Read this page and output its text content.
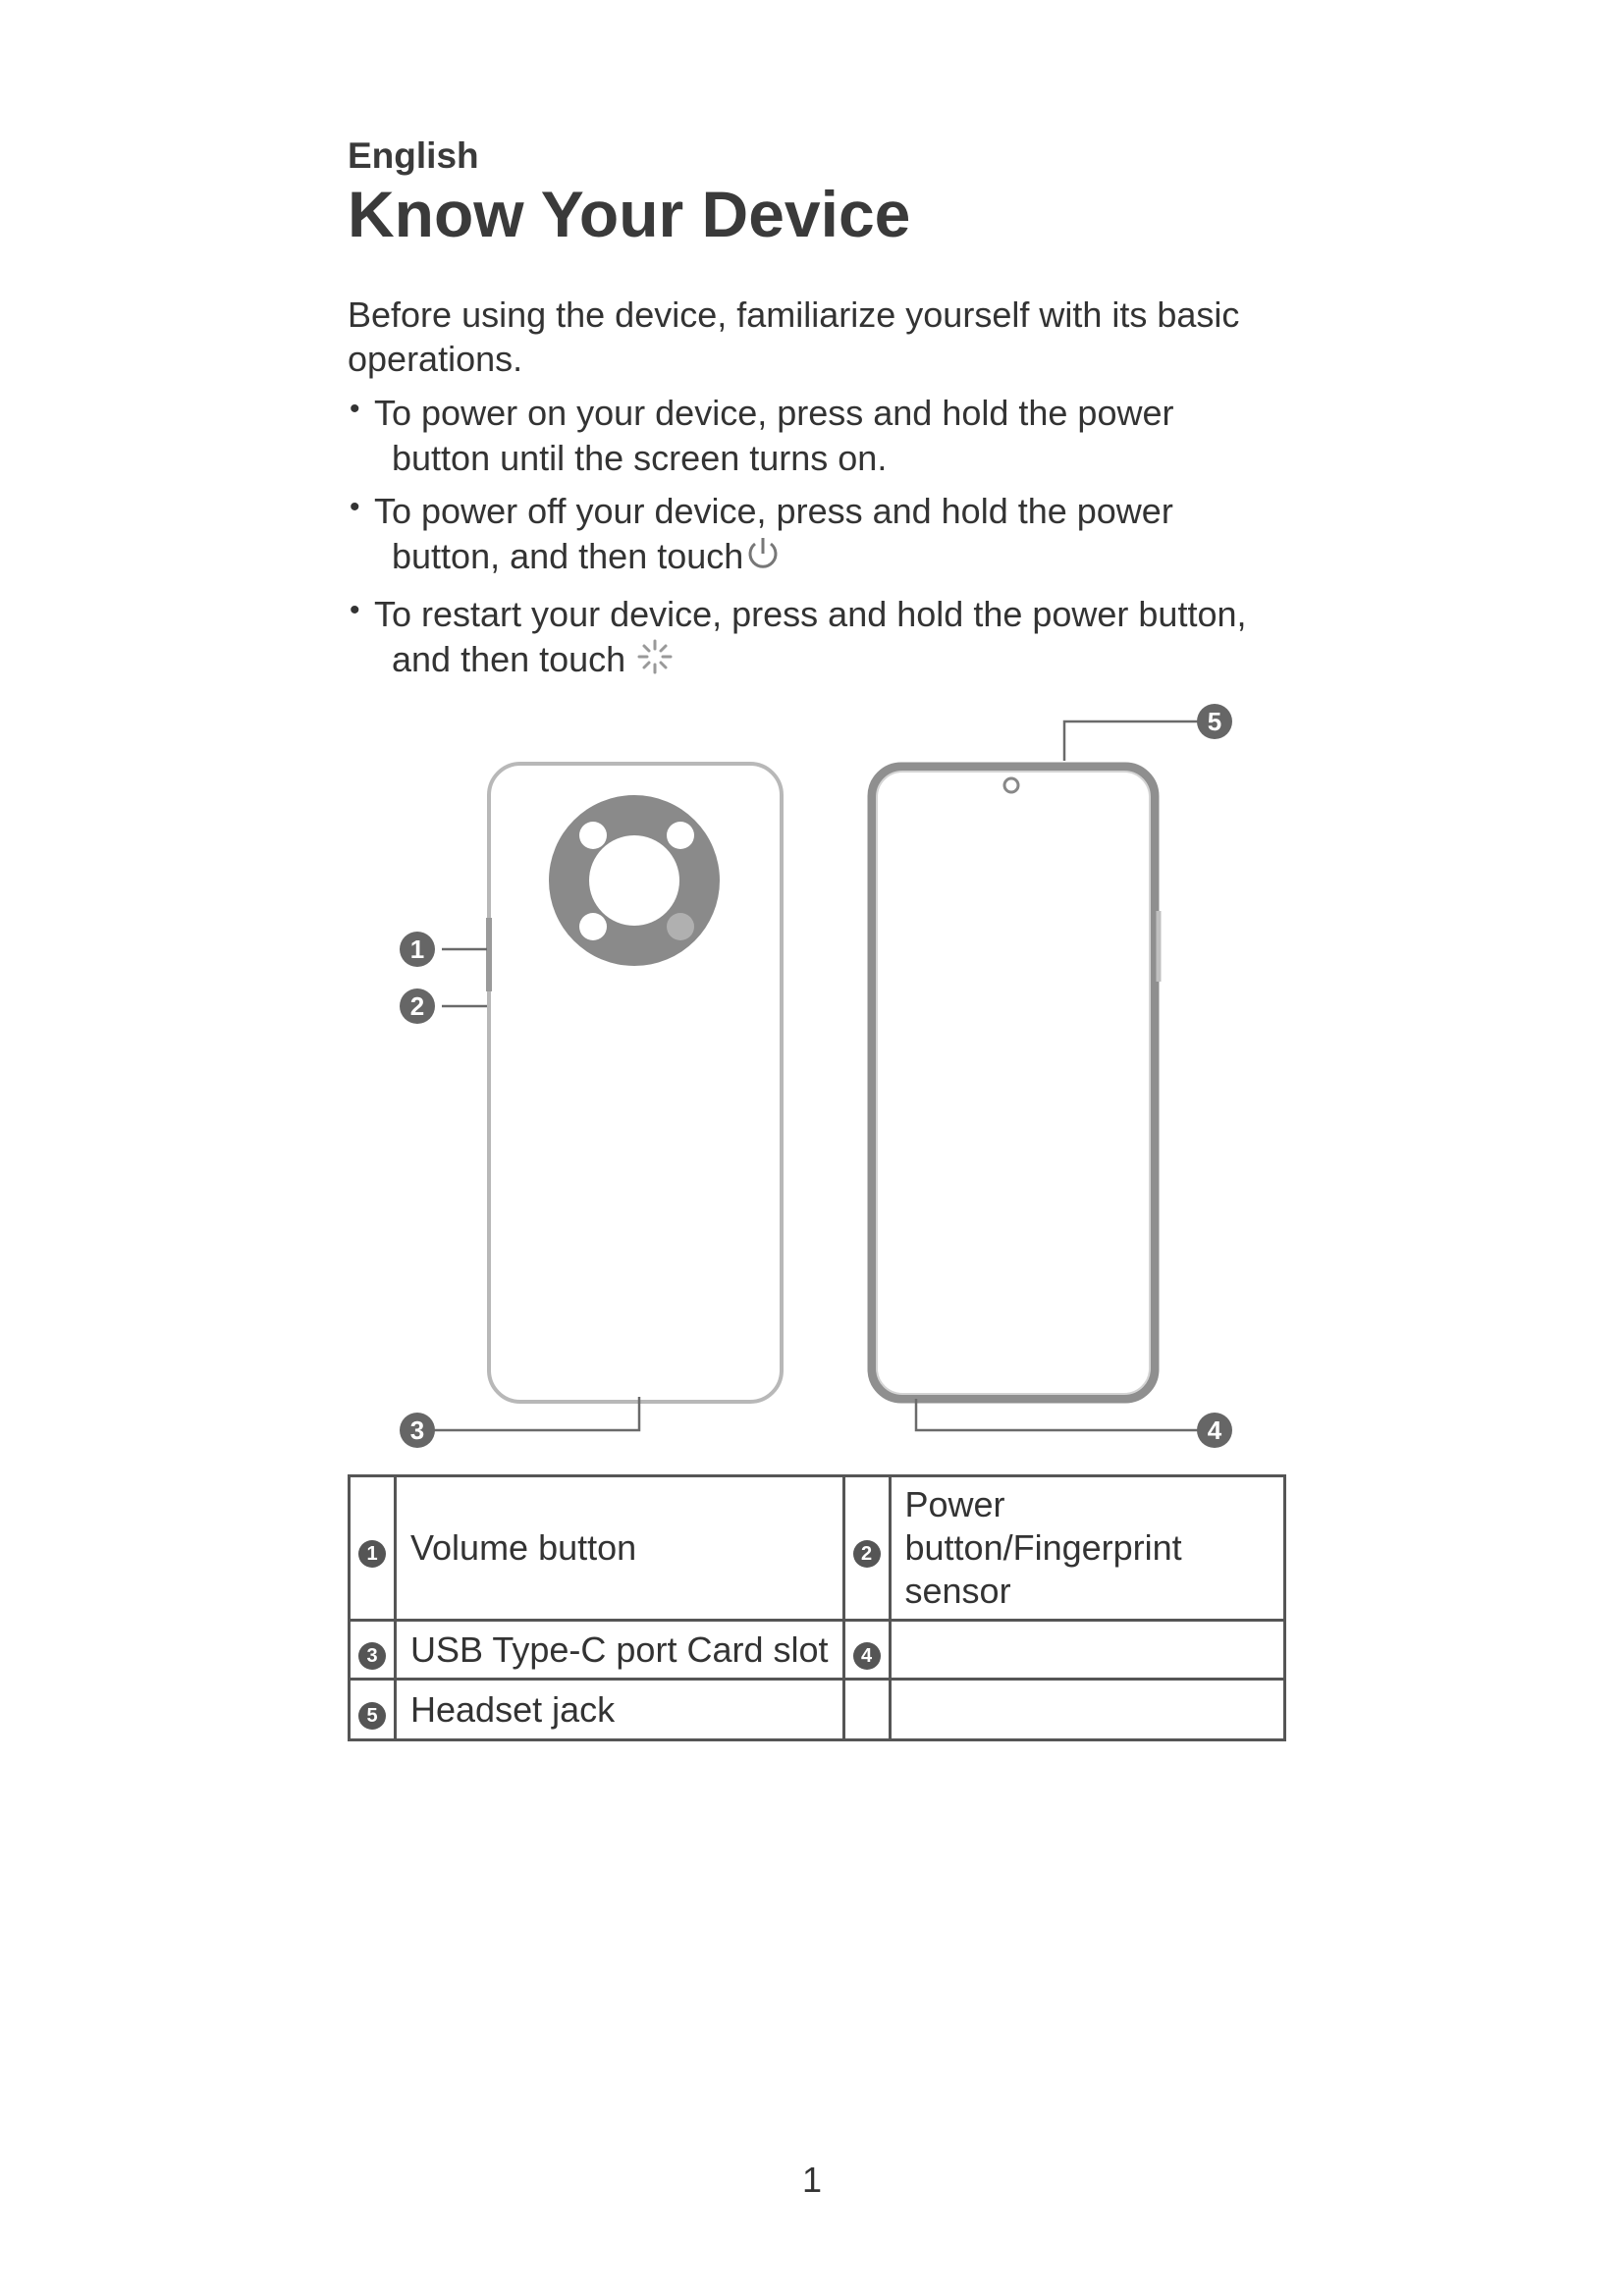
English
Know Your Device
Before using the device, familiarize yourself with its basic operations.
• To power on your device, press and hold the power
button until the screen turns on.
• To power off your device, press and hold the power
button, and then touch
• To restart your device, press and hold the power button,
and then touch
1
2
3	4
5
1	Volume button	2	Power button/Fingerprint sensor
3	USB Type-C port Card slot	4	
5	Headset jack		
1
